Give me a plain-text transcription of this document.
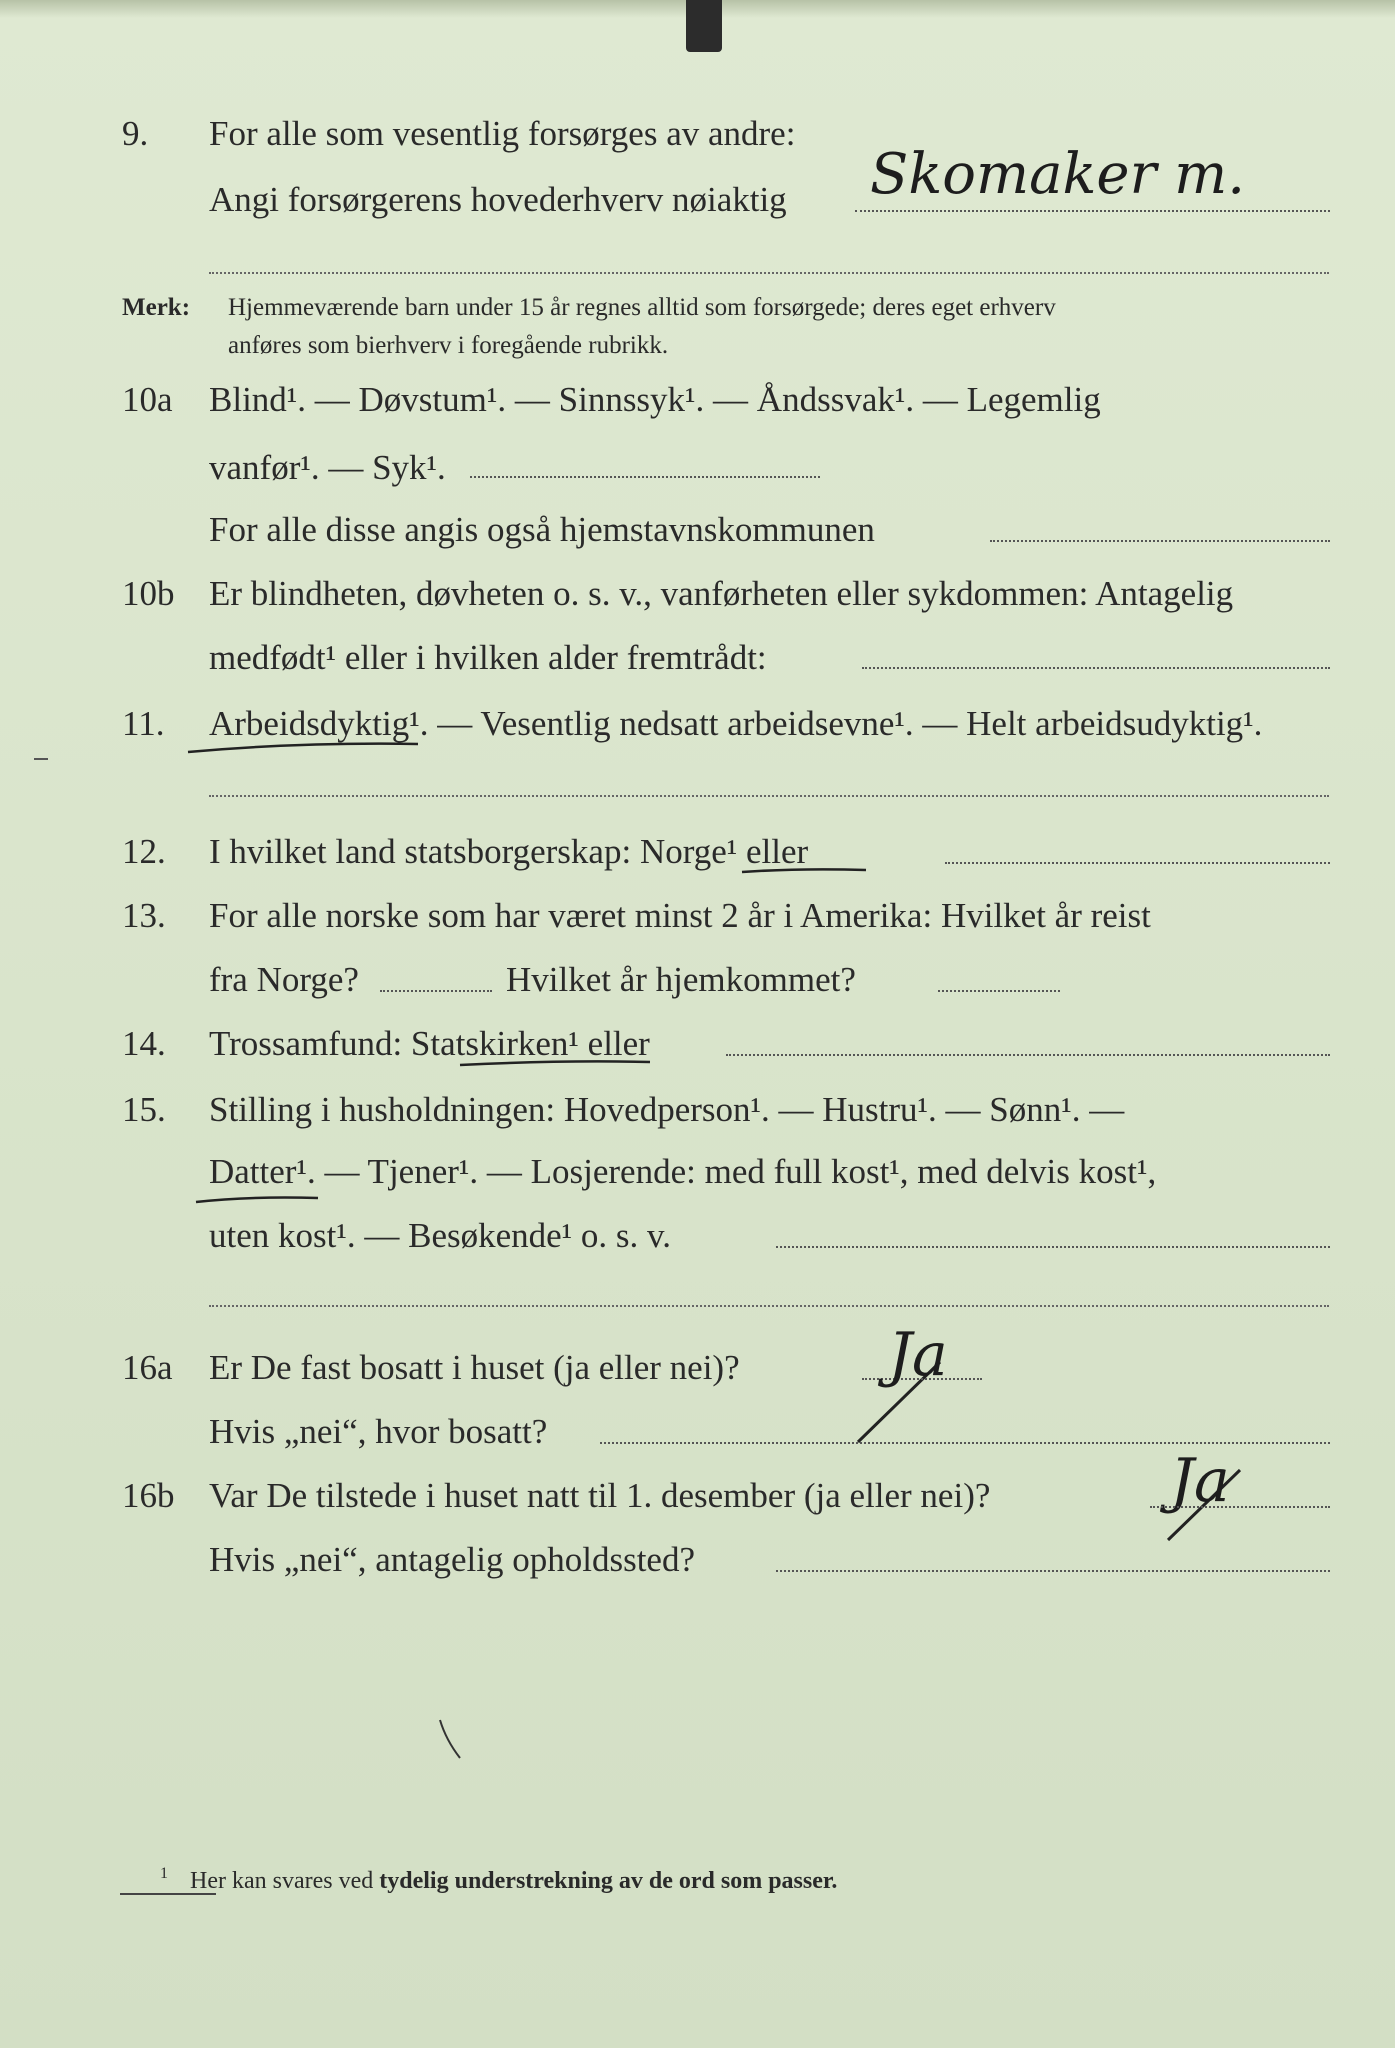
9. For alle som vesentlig forsørges av andre:
Angi forsørgerens hovederhverv nøiaktig Skomaker m.
Merk: Hjemmeværende barn under 15 år regnes alltid som forsørgede; deres eget erhverv
anføres som bierhverv i foregående rubrikk.
10a Blind¹. — Døvstum¹. — Sinnssyk¹. — Åndssvak¹. — Legemlig
vanfør¹. — Syk¹.
For alle disse angis også hjemstavnskommunen
10b Er blindheten, døvheten o. s. v., vanførheten eller sykdommen: Antagelig
medfødt¹ eller i hvilken alder fremtrådt:
11. Arbeidsdyktig¹. — Vesentlig nedsatt arbeidsevne¹. — Helt arbeidsudyktig¹.
12. I hvilket land statsborgerskap: Norge¹ eller
13. For alle norske som har været minst 2 år i Amerika: Hvilket år reist
fra Norge?	Hvilket år hjemkommet?
14. Trossamfund: Statskirken¹ eller
15. Stilling i husholdningen: Hovedperson¹. — Hustru¹. — Sønn¹. —
Datter¹. — Tjener¹. — Losjerende: med full kost¹, med delvis kost¹,
uten kost¹. — Besøkende¹ o. s. v.
16a Er De fast bosatt i huset (ja eller nei)? Ja
Hvis „nei“, hvor bosatt?
16b Var De tilstede i huset natt til 1. desember (ja eller nei)?	Ja
Hvis „nei“, antagelig opholdssted?
1 Her kan svares ved tydelig understrekning av de ord som passer.
